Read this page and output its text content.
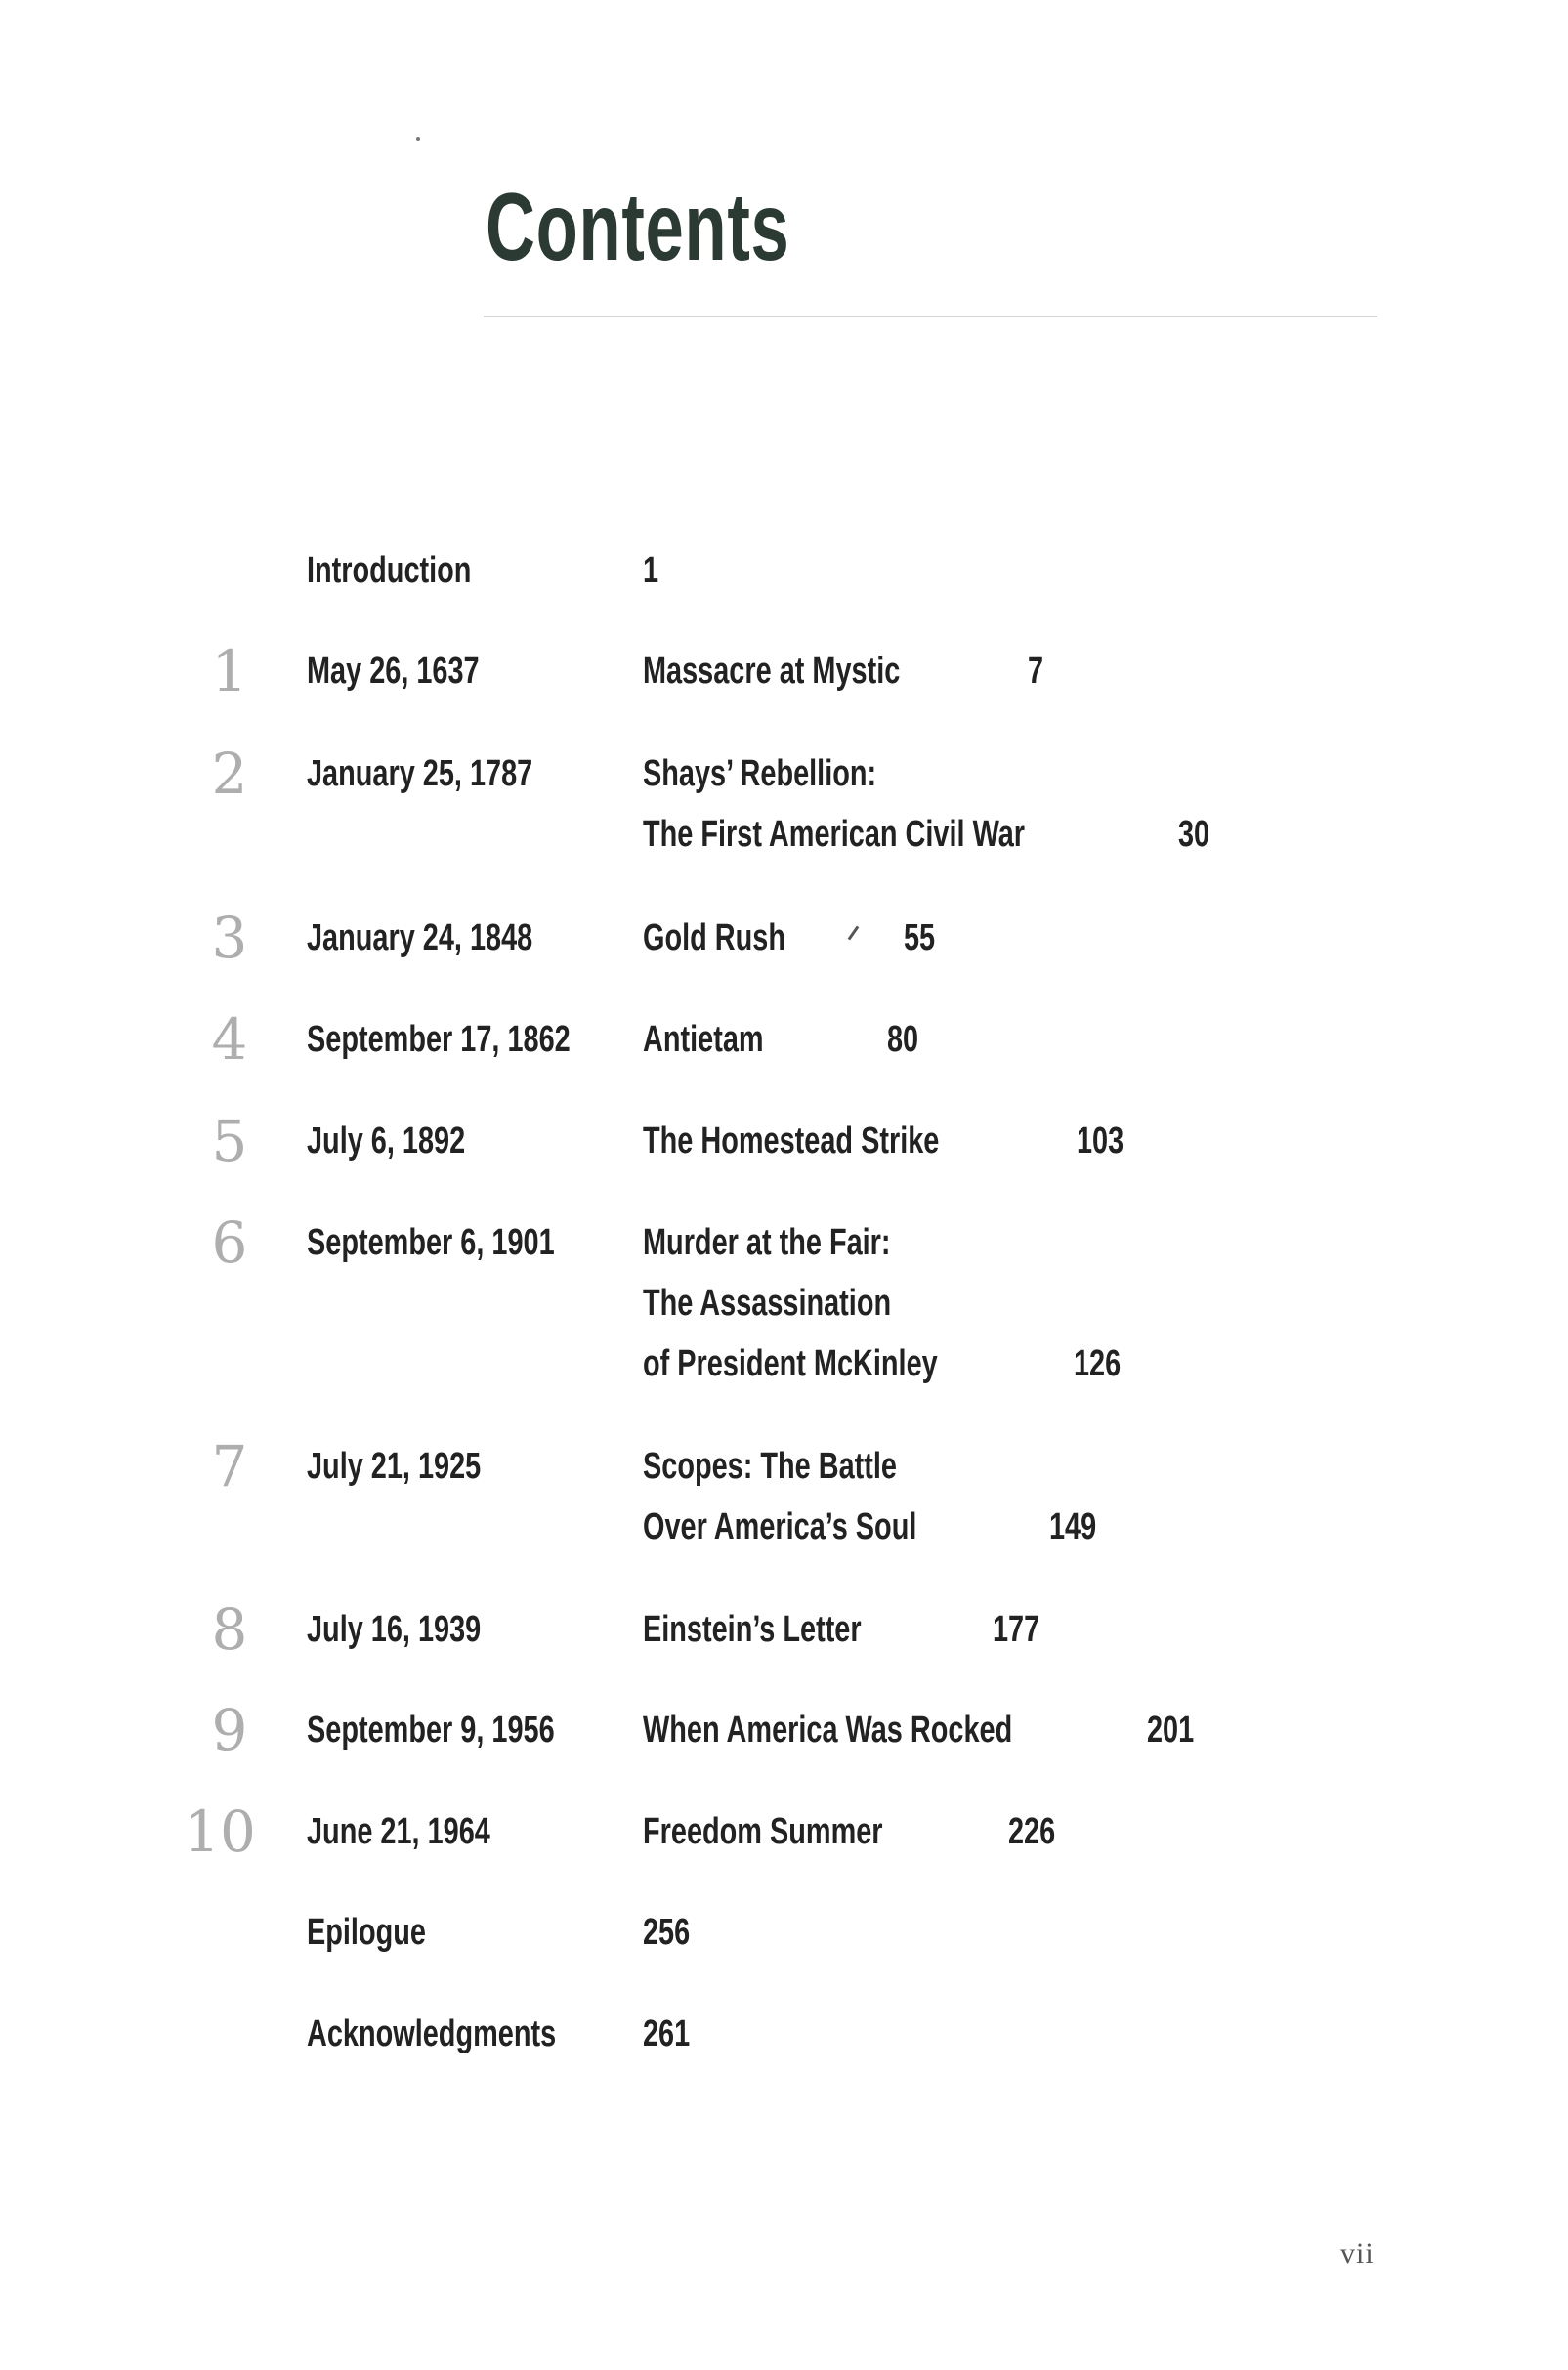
Contents
Introduction	1
1	May 26, 1637	Massacre at Mystic	7
2	January 25, 1787	Shays’ Rebellion:
The First American Civil War	30
3	January 24, 1848	Gold Rush	55
4	September 17, 1862 Antietam	80
5	July 6, 1892	The Homestead Strike	103
6	September 6, 1901 Murder at the Fair:
The Assassination
of President McKinley	126
7	July 21, 1925	Scopes: The Battle
Over America’s Soul	149
8	July 16, 1939	Einstein’s Letter	177
9	September 9, 1956 When America Was Rocked	201
10 June 21, 1964	Freedom Summer	226
Epilogue	256
Acknowledgments 261
vii
